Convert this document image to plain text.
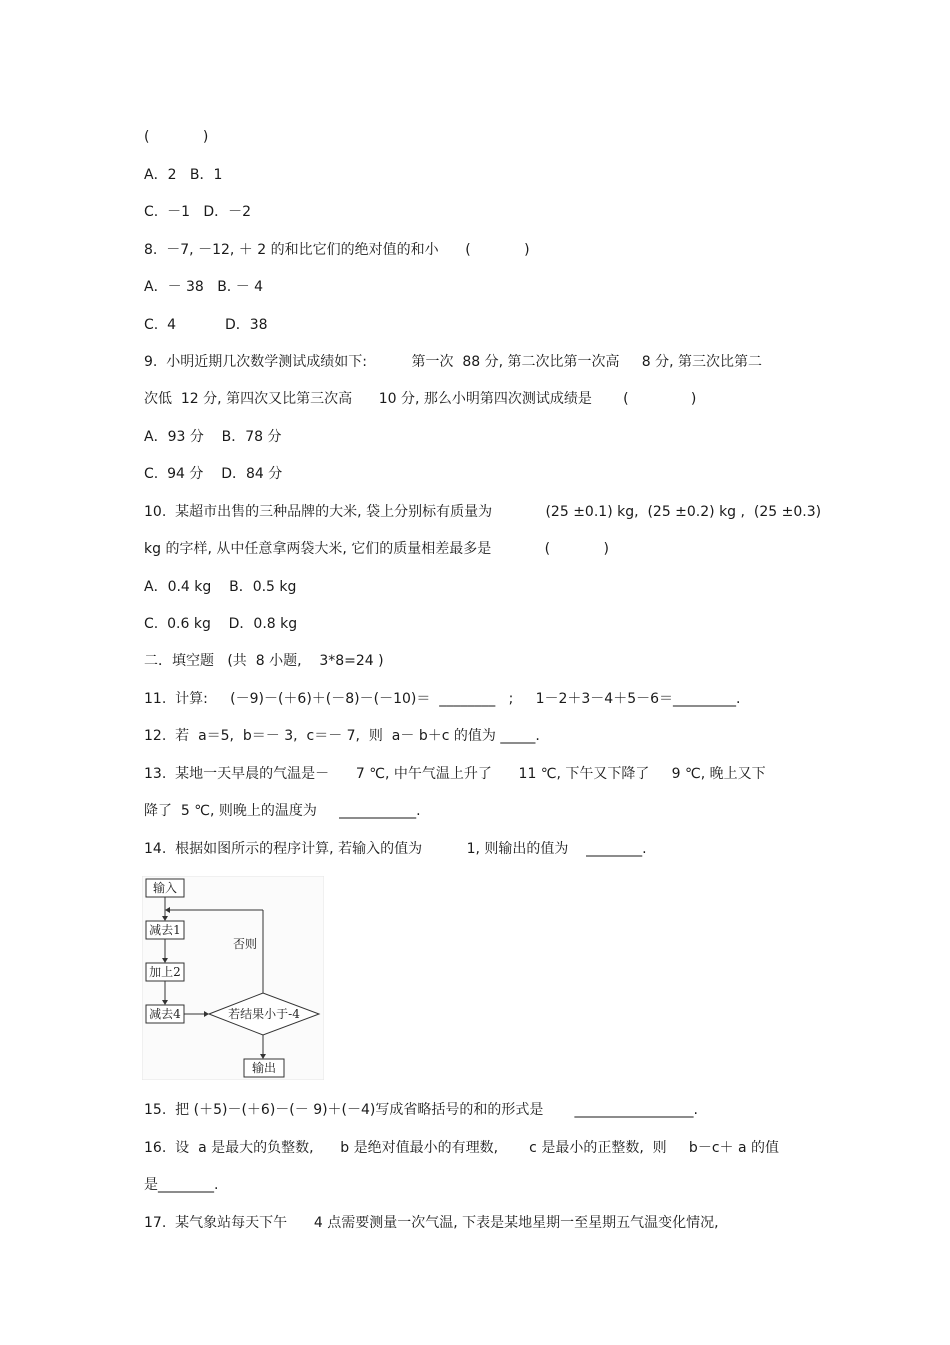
(            )
A．2   B．1
C.  －1   D．－2
8.  －7, －12, ＋ 2 的和比它们的绝对值的和小      (            )
A．－ 38   B. － 4
C.  4           D．38
9.  小明近期几次数学测试成绩如下:          第一次  88 分, 第二次比第一次高     8 分, 第三次比第二
次低  12 分, 第四次又比第三次高      10 分, 那么小明第四次测试成绩是       (              )
A．93 分    B．78 分
C.  94 分    D．84 分
10.  某超市出售的三种品牌的大米, 袋上分别标有质量为            (25 ±0.1) kg,  (25 ±0.2) kg ,  (25 ±0.3)
kg 的字样, 从中任意拿两袋大米, 它们的质量相差最多是            (            )
A．0.4 kg    B．0.5 kg
C.  0.6 kg    D．0.8 kg
二．填空题   (共  8 小题,    3*8=24 )
11.  计算:     (－9)－(＋6)＋(－8)－(－10)＝  ________   ;     1－2＋3－4＋5－6＝_________.
12.  若  a＝5,  b＝－ 3,  c＝－ 7,  则  a－ b＋c 的值为 _____.
13.  某地一天早晨的气温是－      7 ℃, 中午气温上升了      11 ℃, 下午又下降了     9 ℃, 晚上又下
降了  5 ℃, 则晚上的温度为     ___________.
14.  根据如图所示的程序计算, 若输入的值为          1, 则输出的值为    ________.
输入
减去1
加上2
减去4	若结果小于-4
否则
输出
15.  把 (＋5)－(＋6)－(－ 9)＋(－4)写成省略括号的和的形式是       _________________.
16.  设  a 是最大的负整数,      b 是绝对值最小的有理数,       c 是最小的正整数,  则     b－c＋ a 的值
是________.
17.  某气象站每天下午      4 点需要测量一次气温, 下表是某地星期一至星期五气温变化情况,
